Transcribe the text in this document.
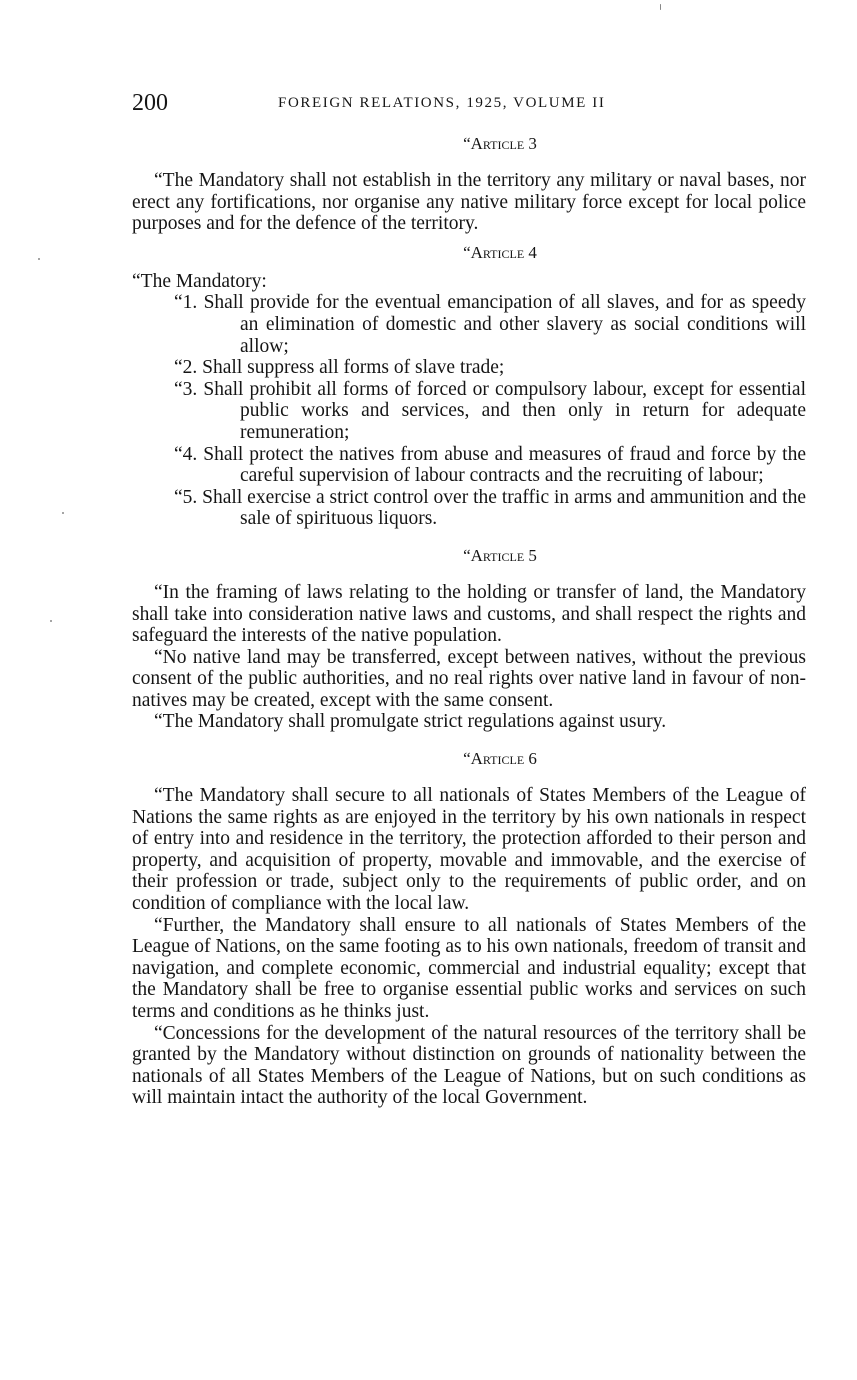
200	FOREIGN RELATIONS, 1925, VOLUME II

“Article 3

“The Mandatory shall not establish in the territory any military or naval bases, nor erect any fortifications, nor organise any native military force except for local police purposes and for the defence of the territory.

“Article 4

“The Mandatory:

“1. Shall provide for the eventual emancipation of all slaves, and for as speedy an elimination of domestic and other slavery as social conditions will allow;

“2. Shall suppress all forms of slave trade;

“3. Shall prohibit all forms of forced or compulsory labour, except for essential public works and services, and then only in return for adequate remuneration;

“4. Shall protect the natives from abuse and measures of fraud and force by the careful supervision of labour contracts and the recruiting of labour;

“5. Shall exercise a strict control over the traffic in arms and ammunition and the sale of spirituous liquors.

“Article 5

“In the framing of laws relating to the holding or transfer of land, the Mandatory shall take into consideration native laws and customs, and shall respect the rights and safeguard the interests of the native population.

“No native land may be transferred, except between natives, without the previous consent of the public authorities, and no real rights over native land in favour of non-natives may be created, except with the same consent.

“The Mandatory shall promulgate strict regulations against usury.

“Article 6

“The Mandatory shall secure to all nationals of States Members of the League of Nations the same rights as are enjoyed in the territory by his own nationals in respect of entry into and residence in the territory, the protection afforded to their person and property, and acquisition of property, movable and immovable, and the exercise of their profession or trade, subject only to the requirements of public order, and on condition of compliance with the local law.

“Further, the Mandatory shall ensure to all nationals of States Members of the League of Nations, on the same footing as to his own nationals, freedom of transit and navigation, and complete economic, commercial and industrial equality; except that the Mandatory shall be free to organise essential public works and services on such terms and conditions as he thinks just.

“Concessions for the development of the natural resources of the territory shall be granted by the Mandatory without distinction on grounds of nationality between the nationals of all States Members of the League of Nations, but on such conditions as will maintain intact the authority of the local Government.
